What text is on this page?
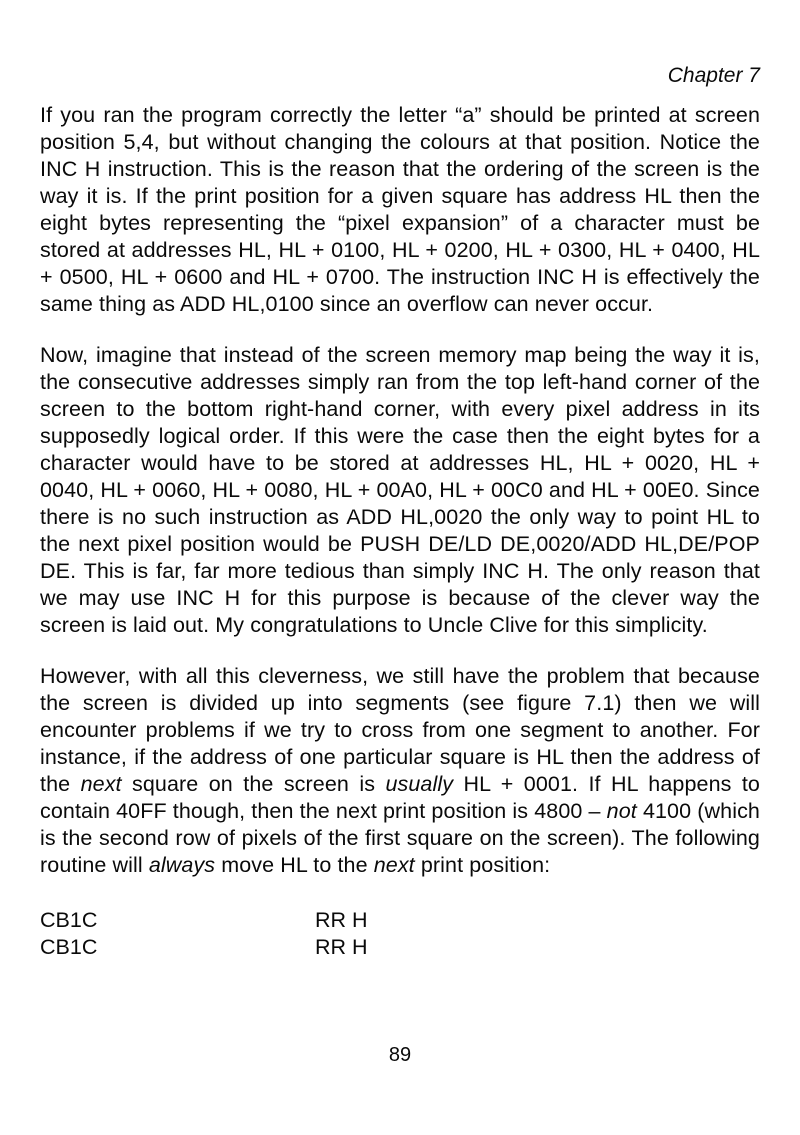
Chapter 7

If you ran the program correctly the letter “a” should be printed at screen position 5,4, but without changing the colours at that position. Notice the INC H instruction. This is the reason that the ordering of the screen is the way it is. If the print position for a given square has address HL then the eight bytes representing the “pixel expansion” of a character must be stored at addresses HL, HL + 0100, HL + 0200, HL + 0300, HL + 0400, HL + 0500, HL + 0600 and HL + 0700. The instruction INC H is effectively the same thing as ADD HL,0100 since an overflow can never occur.

Now, imagine that instead of the screen memory map being the way it is, the consecutive addresses simply ran from the top left-hand corner of the screen to the bottom right-hand corner, with every pixel address in its supposedly logical order. If this were the case then the eight bytes for a character would have to be stored at addresses HL, HL + 0020, HL + 0040, HL + 0060, HL + 0080, HL + 00A0, HL + 00C0 and HL + 00E0. Since there is no such instruction as ADD HL,0020 the only way to point HL to the next pixel position would be PUSH DE/LD DE,0020/ADD HL,DE/POP DE. This is far, far more tedious than simply INC H. The only reason that we may use INC H for this purpose is because of the clever way the screen is laid out. My congratulations to Uncle Clive for this simplicity.

However, with all this cleverness, we still have the problem that because the screen is divided up into segments (see figure 7.1) then we will encounter problems if we try to cross from one segment to another. For instance, if the address of one particular square is HL then the address of the next square on the screen is usually HL + 0001. If HL happens to contain 40FF though, then the next print position is 4800 – not 4100 (which is the second row of pixels of the first square on the screen). The following routine will always move HL to the next print position:

CB1C	RR H
CB1C	RR H
89
